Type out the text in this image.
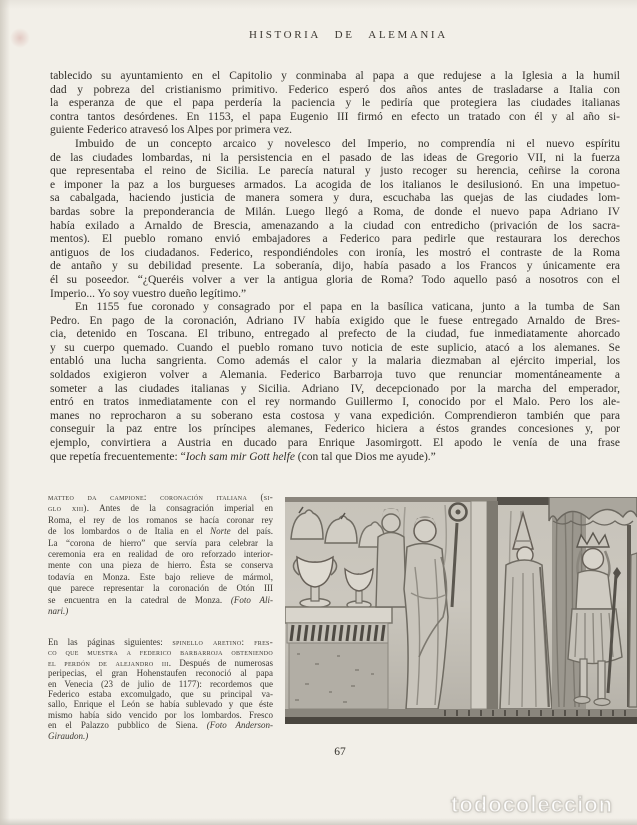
HISTORIA DE ALEMANIA
tablecido su ayuntamiento en el Capitolio y conminaba al papa a que redujese a la Iglesia a la humil
dad y pobreza del cristianismo primitivo. Federico esperó dos años antes de trasladarse a Italia con
la esperanza de que el papa perdería la paciencia y le pediría que protegiera las ciudades italianas
contra tantos desórdenes. En 1153, el papa Eugenio III firmó en efecto un tratado con él y al año si-
guiente Federico atravesó los Alpes por primera vez.
Imbuido de un concepto arcaico y novelesco del Imperio, no comprendía ni el nuevo espíritu
de las ciudades lombardas, ni la persistencia en el pasado de las ideas de Gregorio VII, ni la fuerza
que representaba el reino de Sicilia. Le parecía natural y justo recoger su herencia, ceñirse la corona
e imponer la paz a los burgueses armados. La acogida de los italianos le desilusionó. En una impetuo-
sa cabalgada, haciendo justicia de manera somera y dura, escuchaba las quejas de las ciudades lom-
bardas sobre la preponderancia de Milán. Luego llegó a Roma, de donde el nuevo papa Adriano IV
había exilado a Arnaldo de Brescia, amenazando a la ciudad con entredicho (privación de los sacra-
mentos). El pueblo romano envió embajadores a Federico para pedirle que restaurara los derechos
antiguos de los ciudadanos. Federico, respondiéndoles con ironía, les mostró el contraste de la Roma
de antaño y su debilidad presente. La soberanía, dijo, había pasado a los Francos y únicamente era
él su poseedor. “¿Queréis volver a ver la antigua gloria de Roma? Todo aquello pasó a nosotros con el
Imperio... Yo soy vuestro dueño legítimo.”
En 1155 fue coronado y consagrado por el papa en la basílica vaticana, junto a la tumba de San
Pedro. En pago de la coronación, Adriano IV había exigido que le fuese entregado Arnaldo de Bres-
cia, detenido en Toscana. El tribuno, entregado al prefecto de la ciudad, fue inmediatamente ahorcado
y su cuerpo quemado. Cuando el pueblo romano tuvo noticia de este suplicio, atacó a los alemanes. Se
entabló una lucha sangrienta. Como además el calor y la malaria diezmaban al ejército imperial, los
soldados exigieron volver a Alemania. Federico Barbarroja tuvo que renunciar momentáneamente a
someter a las ciudades italianas y Sicilia. Adriano IV, decepcionado por la marcha del emperador,
entró en tratos inmediatamente con el rey normando Guillermo I, conocido por el Malo. Pero los ale-
manes no reprocharon a su soberano esta costosa y vana expedición. Comprendieron también que para
conseguir la paz entre los príncipes alemanes, Federico hiciera a éstos grandes concesiones y, por
ejemplo, convirtiera a Austria en ducado para Enrique Jasomirgott. El apodo le venía de una frase
que repetía frecuentemente: “Ioch sam mir Gott helfe (con tal que Dios me ayude).”
matteo da campione: coronación italiana (si-
glo xiii). Antes de la consagración imperial en
Roma, el rey de los romanos se hacía coronar rey
de los lombardos o de Italia en el Norte del país.
La “corona de hierro” que servía para celebrar la
ceremonia era en realidad de oro reforzado interior-
mente con una pieza de hierro. Ésta se conserva
todavía en Monza. Este bajo relieve de mármol,
que parece representar la coronación de Otón III
se encuentra en la catedral de Monza. (Foto Ali-
nari.)
En las páginas siguientes: spinello aretino: fres-
co que muestra a federico barbarroja obteniendo
el perdón de alejandro iii. Después de numerosas
peripecias, el gran Hohenstaufen reconoció al papa
en Venecia (23 de julio de 1177): recordemos que
Federico estaba excomulgado, que su principal va-
sallo, Enrique el León se había sublevado y que éste
mismo había sido vencido por los lombardos. Fresco
en el Palazzo pubblico de Siena. (Foto Anderson-
Giraudon.)
67
todocoleccion
